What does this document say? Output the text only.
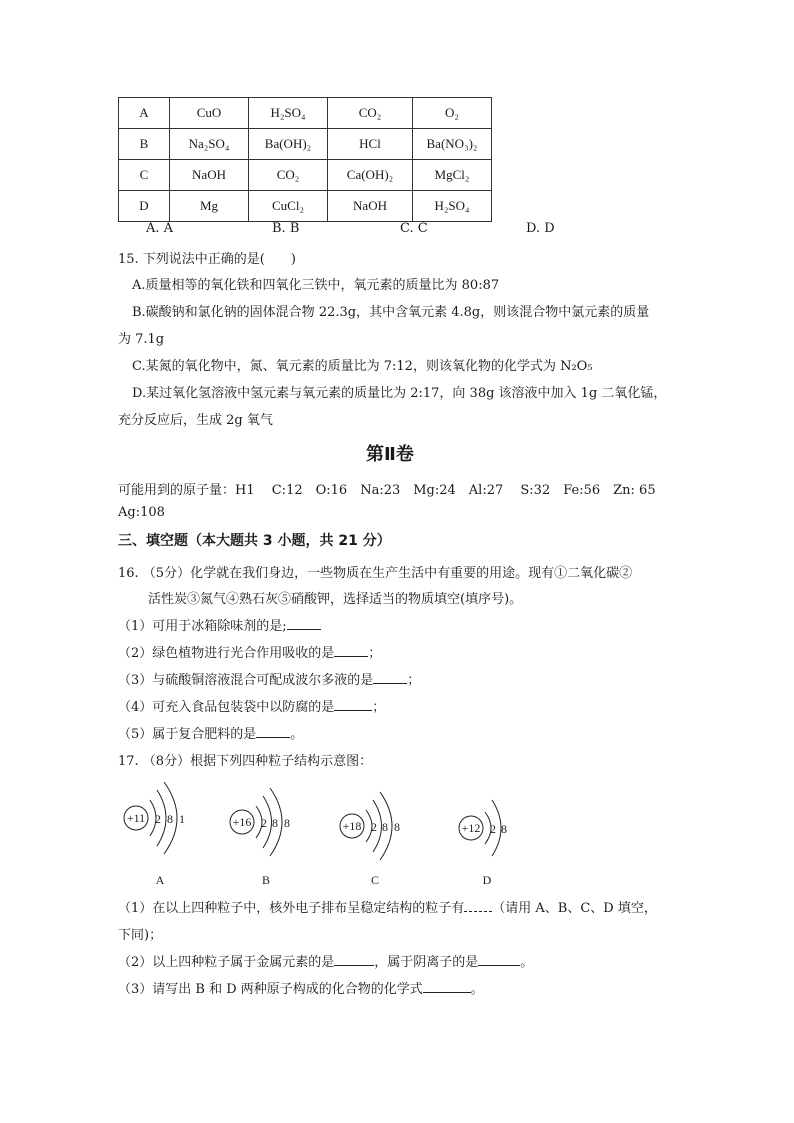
A	CuO	H₂SO₄	CO₂	O₂
B	Na₂SO₄	Ba(OH)₂	HCl	Ba(NO₃)₂
C	NaOH	CO₂	Ca(OH)₂	MgCl₂
D	Mg	CuCl₂	NaOH	H₂SO₄
A. A	B. B	C. C	D. D
15. 下列说法中正确的是(　　)
A.质量相等的氧化铁和四氧化三铁中，氧元素的质量比为 80:87
B.碳酸钠和氯化钠的固体混合物 22.3g，其中含氧元素 4.8g，则该混合物中氯元素的质量
为 7.1g
C.某氮的氧化物中，氮、氧元素的质量比为 7:12，则该氧化物的化学式为 N₂O₅
D.某过氧化氢溶液中氢元素与氧元素的质量比为 2:17，向 38g 该溶液中加入 1g 二氧化锰，
充分反应后，生成 2g 氧气
第Ⅱ卷
可能用到的原子量：H1　 C:12　O:16　Na:23　Mg:24　Al:27　 S:32　Fe:56　Zn: 65
Ag:108
三、填空题（本大题共 3 小题，共 21 分）
16. （5分）化学就在我们身边，一些物质在生产生活中有重要的用途。现有①二氧化碳②
活性炭③氮气④熟石灰⑤硝酸钾，选择适当的物质填空(填序号)。
（1）可用于冰箱除味剂的是;
（2）绿色植物进行光合作用吸收的是	；
（3）与硫酸铜溶液混合可配成波尔多液的是	；
（4）可充入食品包装袋中以防腐的是	；
（5）属于复合肥料的是	。
17. （8分）根据下列四种粒子结构示意图：
+11 2 8 1
A
+16 2 8 8
B
+18 2 8 8
C
+12 2 8
D
（1）在以上四种粒子中，核外电子排布呈稳定结构的粒子有 （请用 A、B、C、D 填空，
下同)；
（2）以上四种粒子属于金属元素的是	，属于阴离子的是	。
（3）请写出 B 和 D 两种原子构成的化合物的化学式	。
